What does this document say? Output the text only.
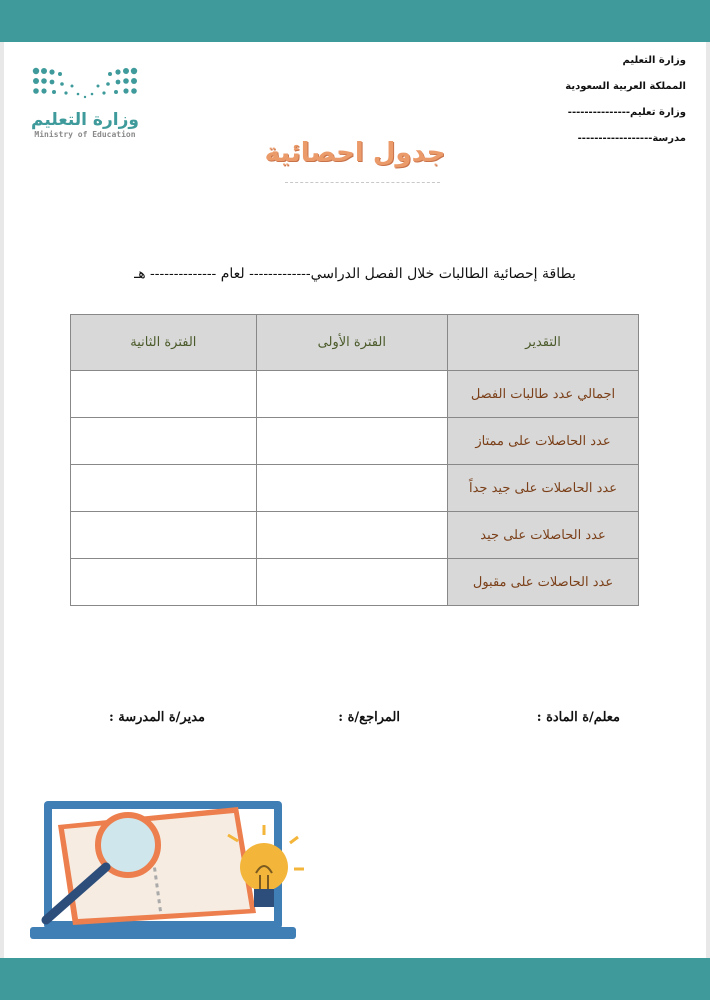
وزارة التعليم
المملكة العربية السعودية
وزارة تعليم---------------
مدرسة------------------
وزارة التعليم
Ministry of Education
جدول احصائية
بطاقة إحصائية الطالبات خلال الفصل الدراسي------------- لعام -------------- هـ
التقدير	الفترة الأولى	الفترة الثانية
اجمالي عدد طالبات الفصل		
عدد الحاصلات على ممتاز		
عدد الحاصلات على جيد جداً		
عدد الحاصلات على جيد		
عدد الحاصلات على مقبول		
معلم/ة المادة :
المراجع/ة :
مدير/ة المدرسة :
